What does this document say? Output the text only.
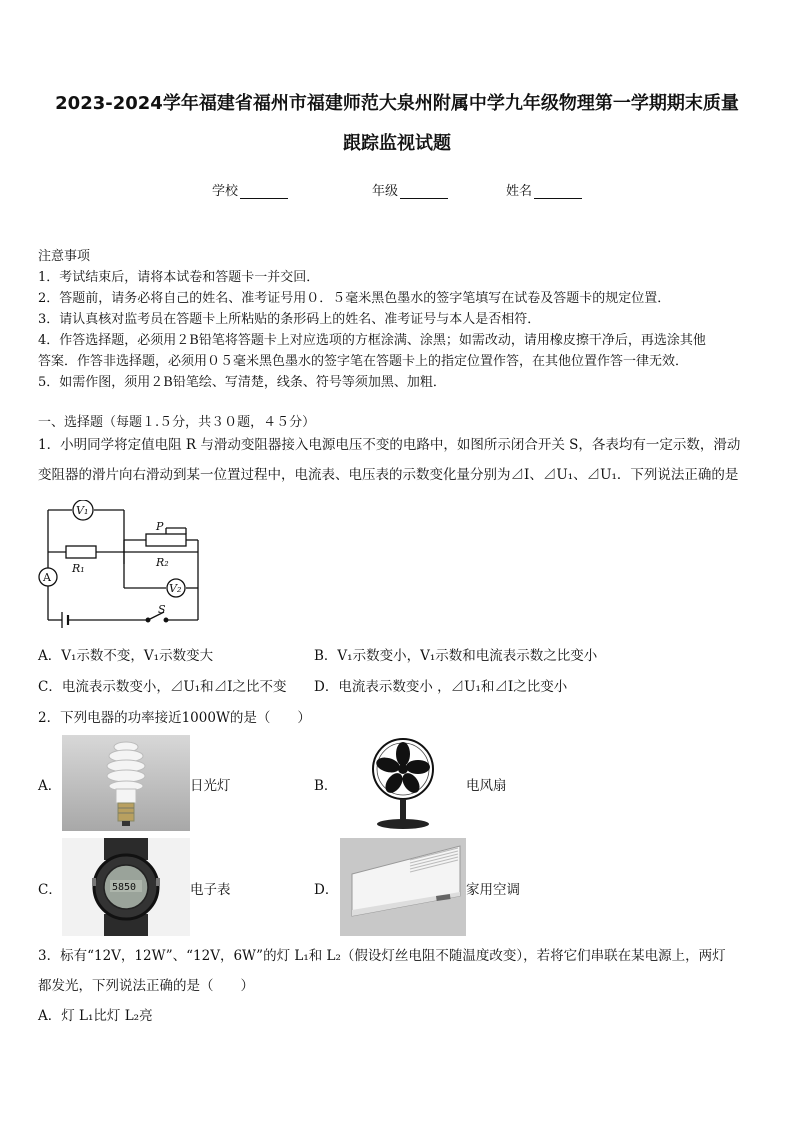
2023-2024学年福建省福州市福建师范大泉州附属中学九年级物理第一学期期末质量
跟踪监视试题
学校	年级	姓名
注意事项
1．考试结束后，请将本试卷和答题卡一并交回．
2．答题前，请务必将自己的姓名、准考证号用０．５毫米黑色墨水的签字笔填写在试卷及答题卡的规定位置．
3．请认真核对监考员在答题卡上所粘贴的条形码上的姓名、准考证号与本人是否相符．
4．作答选择题，必须用２B铅笔将答题卡上对应选项的方框涂满、涂黑；如需改动，请用橡皮擦干净后，再选涂其他
答案．作答非选择题，必须用０５毫米黑色墨水的签字笔在答题卡上的指定位置作答，在其他位置作答一律无效．
5．如需作图，须用２B铅笔绘、写清楚，线条、符号等须加黑、加粗．
一、选择题（每题１.５分，共３０题，４５分）
1．小明同学将定值电阻 R 与滑动变阻器接入电源电压不变的电路中，如图所示闭合开关 S，各表均有一定示数，滑动
变阻器的滑片向右滑动到某一位置过程中，电流表、电压表的示数变化量分别为⊿I、⊿U₁、⊿U₁．下列说法正确的是
V₁
A
V₂
R₁	R₂
P
S
A．V₁示数不变，V₁示数变大	B．V₁示数变小，V₁示数和电流表示数之比变小
C．电流表示数变小，⊿U₁和⊿I之比不变 D．电流表示数变小 ，⊿U₁和⊿I之比变小
2．下列电器的功率接近1000W的是（　　）
A．	日光灯	B．	电风扇
C．	5850	电子表	D．	家用空调
3．标有“12V，12W”、“12V，6W”的灯 L₁和 L₂（假设灯丝电阻不随温度改变），若将它们串联在某电源上，两灯
都发光，下列说法正确的是（　　）
A．灯 L₁比灯 L₂亮
